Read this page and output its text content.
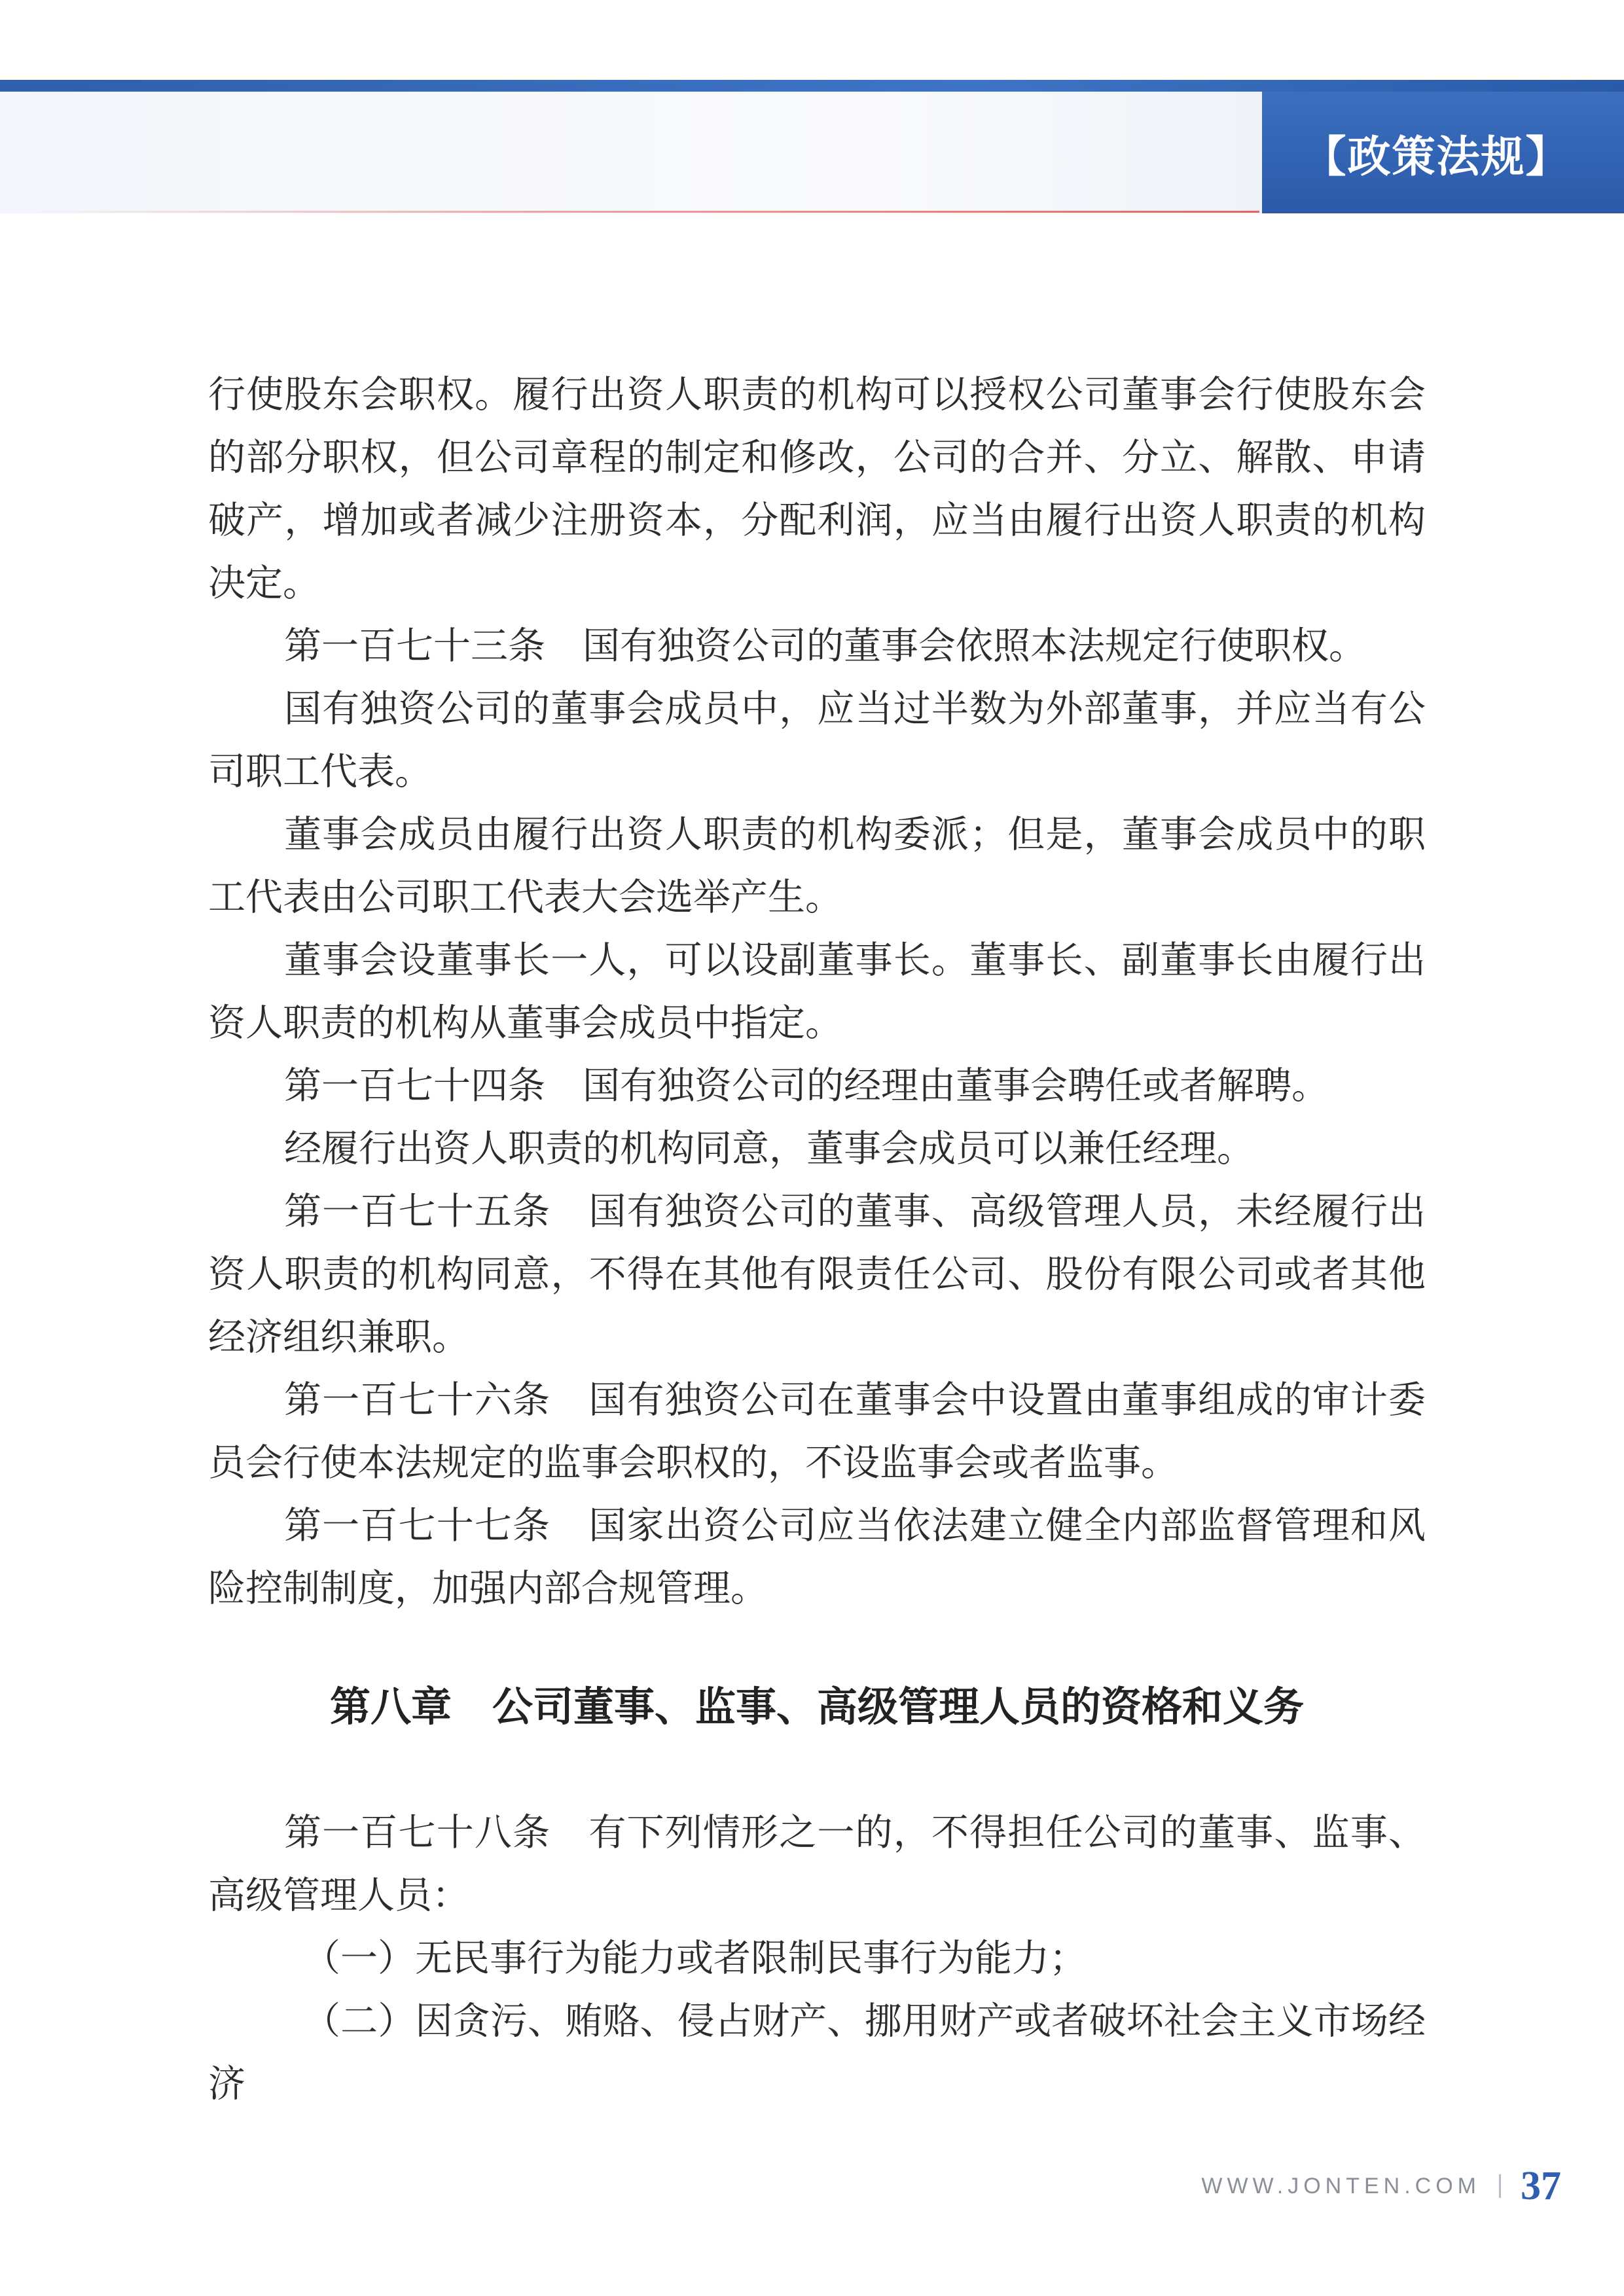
【政策法规】

行使股东会职权。履行出资人职责的机构可以授权公司董事会行使股东会的部分职权，但公司章程的制定和修改，公司的合并、分立、解散、申请破产，增加或者减少注册资本，分配利润，应当由履行出资人职责的机构决定。

第一百七十三条　国有独资公司的董事会依照本法规定行使职权。

国有独资公司的董事会成员中，应当过半数为外部董事，并应当有公司职工代表。

董事会成员由履行出资人职责的机构委派；但是，董事会成员中的职工代表由公司职工代表大会选举产生。

董事会设董事长一人，可以设副董事长。董事长、副董事长由履行出资人职责的机构从董事会成员中指定。

第一百七十四条　国有独资公司的经理由董事会聘任或者解聘。

经履行出资人职责的机构同意，董事会成员可以兼任经理。

第一百七十五条　国有独资公司的董事、高级管理人员，未经履行出资人职责的机构同意，不得在其他有限责任公司、股份有限公司或者其他经济组织兼职。

第一百七十六条　国有独资公司在董事会中设置由董事组成的审计委员会行使本法规定的监事会职权的，不设监事会或者监事。

第一百七十七条　国家出资公司应当依法建立健全内部监督管理和风险控制制度，加强内部合规管理。

第八章　公司董事、监事、高级管理人员的资格和义务

第一百七十八条　有下列情形之一的，不得担任公司的董事、监事、高级管理人员：

（一）无民事行为能力或者限制民事行为能力；

（二）因贪污、贿赂、侵占财产、挪用财产或者破坏社会主义市场经济

WWW.JONTEN.COM 37
